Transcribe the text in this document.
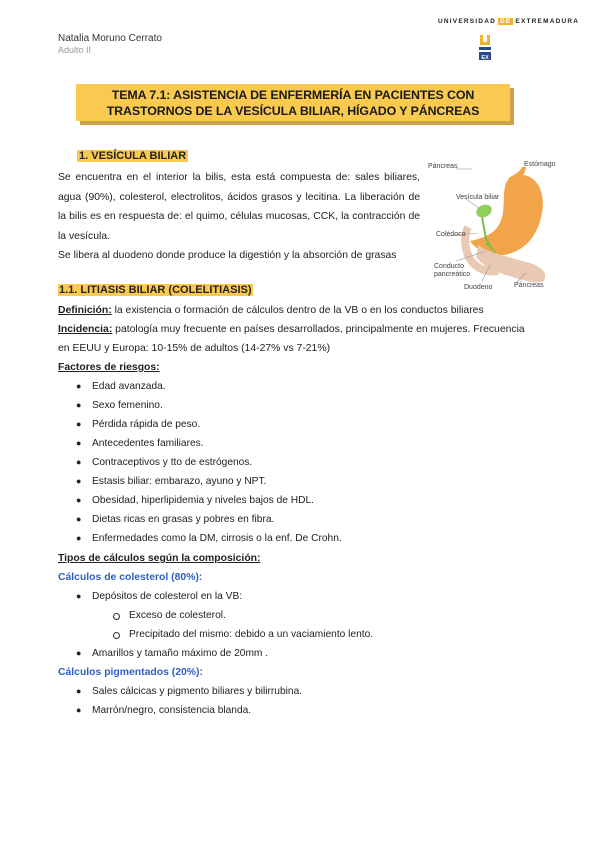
Natalia Moruno Cerrato
Adulto II
UNIVERSIDAD DE EXTREMADURA
EX
TEMA 7.1: ASISTENCIA DE ENFERMERÍA EN PACIENTES CON
TRASTORNOS DE LA VESÍCULA BILIAR, HÍGADO Y PÁNCREAS
1. VESÍCULA BILIAR

Se encuentra en el interior la bilis, esta está compuesta de: sales biliares, agua (90%), colesterol, electrolitos, ácidos grasos y lecitina. La liberación de la bilis es en respuesta de: el quimo, células mucosas, CCK, la contracción de la vesícula.

Se libera al duodeno donde produce la digestión y la absorción de grasas

Páncreas	Estómago
Vesícula biliar
Colédoco
Conducto
pancreático
Duodeno	Páncreas
1.1. LITIASIS BILIAR (COLELITIASIS)
Definición: la existencia o formación de cálculos dentro de la VB o en los conductos biliares
Incidencia: patología muy frecuente en países desarrollados, principalmente en mujeres. Frecuencia
en EEUU y Europa: 10-15% de adultos (14-27% vs 7-21%)
Factores de riesgos:
● Edad avanzada.
● Sexo femenino.
● Pérdida rápida de peso.
● Antecedentes familiares.
● Contraceptivos y tto de estrógenos.
● Estasis biliar: embarazo, ayuno y NPT.
● Obesidad, hiperlipidemia y niveles bajos de HDL.
● Dietas ricas en grasas y pobres en fibra.
● Enfermedades como la DM, cirrosis o la enf. De Crohn.
Tipos de cálculos según la composición:
Cálculos de colesterol (80%):
● Depósitos de colesterol en la VB:
Exceso de colesterol.
Precipitado del mismo: debido a un vaciamiento lento.
● Amarillos y tamaño máximo de 20mm .
Cálculos pigmentados (20%):
● Sales cálcicas y pigmento biliares y bilirrubina.
● Marrón/negro, consistencia blanda.
